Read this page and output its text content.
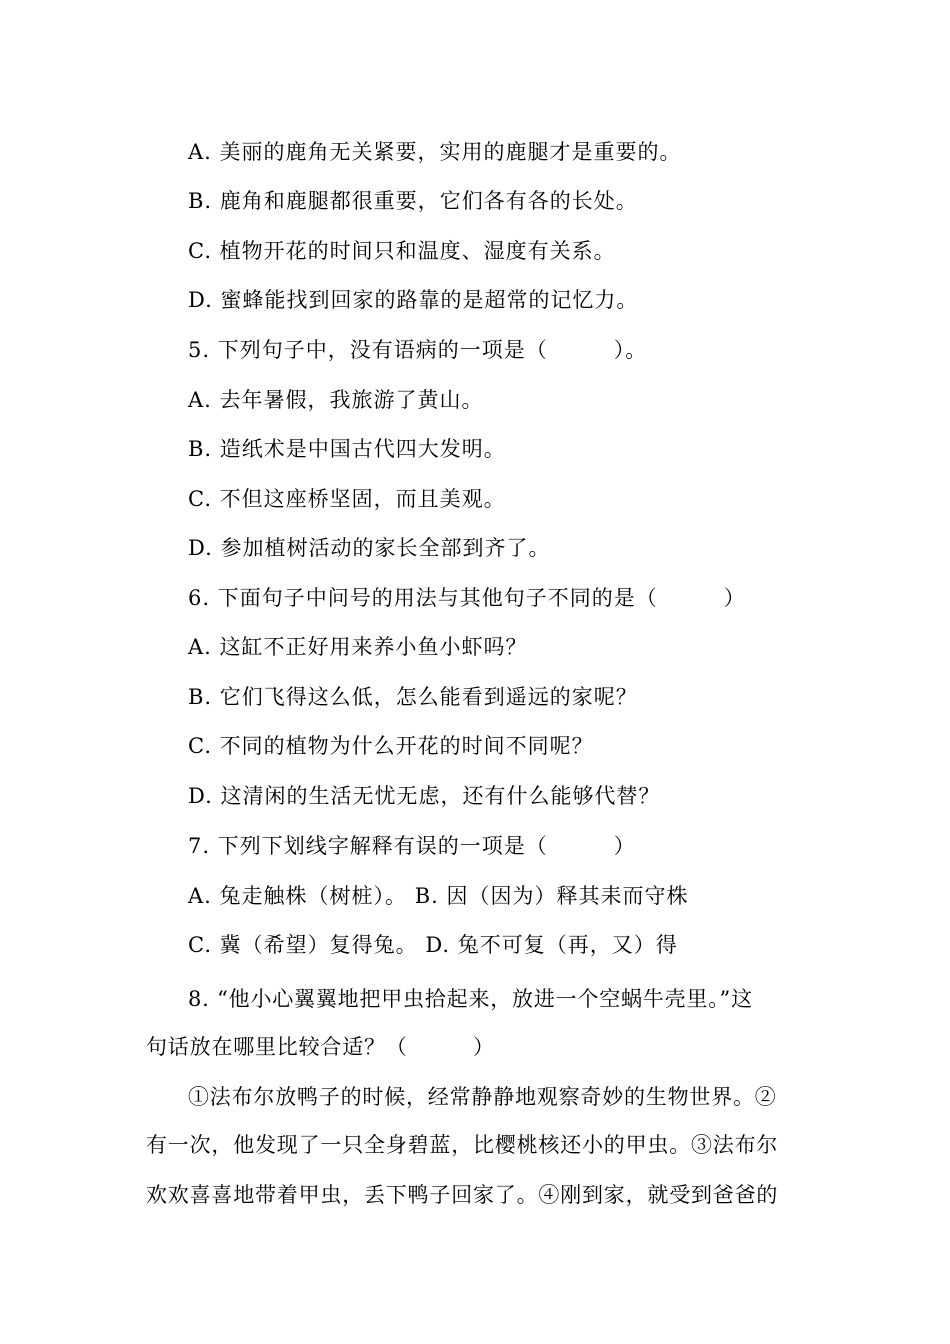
A. 美丽的鹿角无关紧要，实用的鹿腿才是重要的。
B. 鹿角和鹿腿都很重要，它们各有各的长处。
C. 植物开花的时间只和温度、湿度有关系。
D. 蜜蜂能找到回家的路靠的是超常的记忆力。
5. 下列句子中，没有语病的一项是（　　　）。
A. 去年暑假，我旅游了黄山。
B. 造纸术是中国古代四大发明。
C. 不但这座桥坚固，而且美观。
D. 参加植树活动的家长全部到齐了。
6. 下面句子中问号的用法与其他句子不同的是（　　　）
A. 这缸不正好用来养小鱼小虾吗？
B. 它们飞得这么低，怎么能看到遥远的家呢？
C. 不同的植物为什么开花的时间不同呢？
D. 这清闲的生活无忧无虑，还有什么能够代替？
7. 下列下划线字解释有误的一项是（　　　）
A. 兔走触株（树桩）。 B. 因（因为）释其耒而守株
C. 冀（希望）复得兔。 D. 兔不可复（再，又）得
8. “他小心翼翼地把甲虫拾起来，放进一个空蜗牛壳里。”这
句话放在哪里比较合适？（　　　）
①法布尔放鸭子的时候，经常静静地观察奇妙的生物世界。②
有一次，他发现了一只全身碧蓝，比樱桃核还小的甲虫。③法布尔
欢欢喜喜地带着甲虫，丢下鸭子回家了。④刚到家，就受到爸爸的
